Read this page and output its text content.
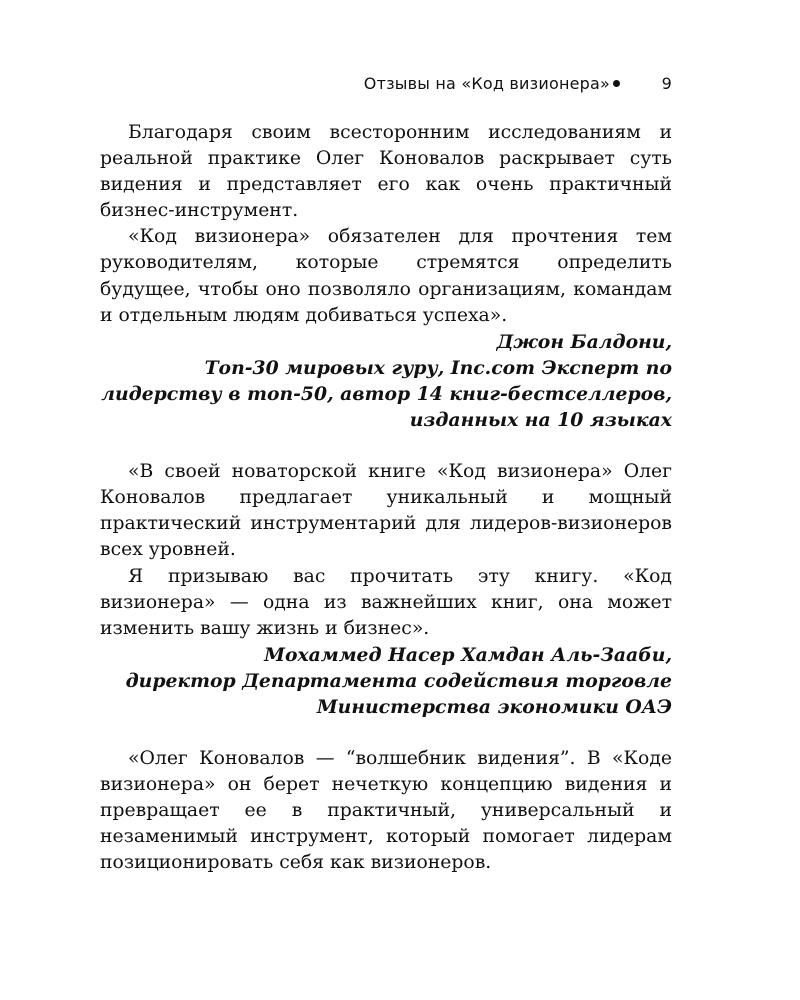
Отзывы на «Код визионера»	9

Благодаря своим всесторонним исследованиям и реальной практике Олег Коновалов раскрывает суть видения и представляет его как очень практичный бизнес-инструмент.

«Код визионера» обязателен для прочтения тем руководителям, которые стремятся определить будущее, чтобы оно позволяло организациям, командам и отдельным людям добиваться успеха».

Джон Балдони,
Топ-30 мировых гуру, Inc.com Эксперт по
лидерству в топ-50, автор 14 книг-бестселлеров,
изданных на 10 языках

«В своей новаторской книге «Код визионера» Олег Коновалов предлагает уникальный и мощный практический инструментарий для лидеров-визионеров всех уровней.

Я призываю вас прочитать эту книгу. «Код визионера» — одна из важнейших книг, она может изменить вашу жизнь и бизнес».

Мохаммед Насер Хамдан Аль-Зааби,
директор Департамента содействия торговле
Министерства экономики ОАЭ

«Олег Коновалов — “волшебник видения”. В «Коде визионера» он берет нечеткую концепцию видения и превращает ее в практичный, универсальный и незаменимый инструмент, который помогает лидерам позиционировать себя как визионеров.
